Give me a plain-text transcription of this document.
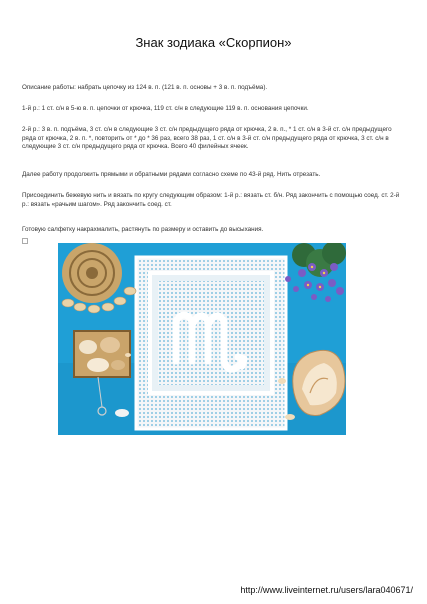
Знак зодиака «Скорпион»

Описание работы: набрать цепочку из 124 в. п. (121 в. п. основы + 3 в. п. подъёма).

1-й р.: 1 ст. с/н в 5-ю в. п. цепочки от крючка, 119 ст. с/н в следующие 119 в. п. основания цепочки.

2-й р.: 3 в. п. подъёма, 3 ст. с/н в следующие 3 ст. с/н предыдущего ряда от крючка, 2 в. п., * 1 ст. с/н в 3-й ст. с/н предыдущего ряда от крючка, 2 в. п. *, повторить от * до * 36 раз, всего 38 раз, 1 ст. с/н в 3-й ст. с/н предыдущего ряда от крючка, 3 ст. с/н в следующие 3 ст. с/н предыдущего ряда от крючка. Всего 40 филейных ячеек.

Далее работу продолжить прямыми и обратными рядами согласно схеме по 43-й ряд. Нить отрезать.

Присоединить бежевую нить и вязать по кругу следующим образом: 1-й р.: вязать ст. б/н. Ряд закончить с помощью соед. ст. 2-й р.: вязать «рачьим шагом». Ряд закончить соед. ст.

Готовую салфетку накрахмалить, растянуть по размеру и оставить до высыхания.

http://www.liveinternet.ru/users/lara040671/
